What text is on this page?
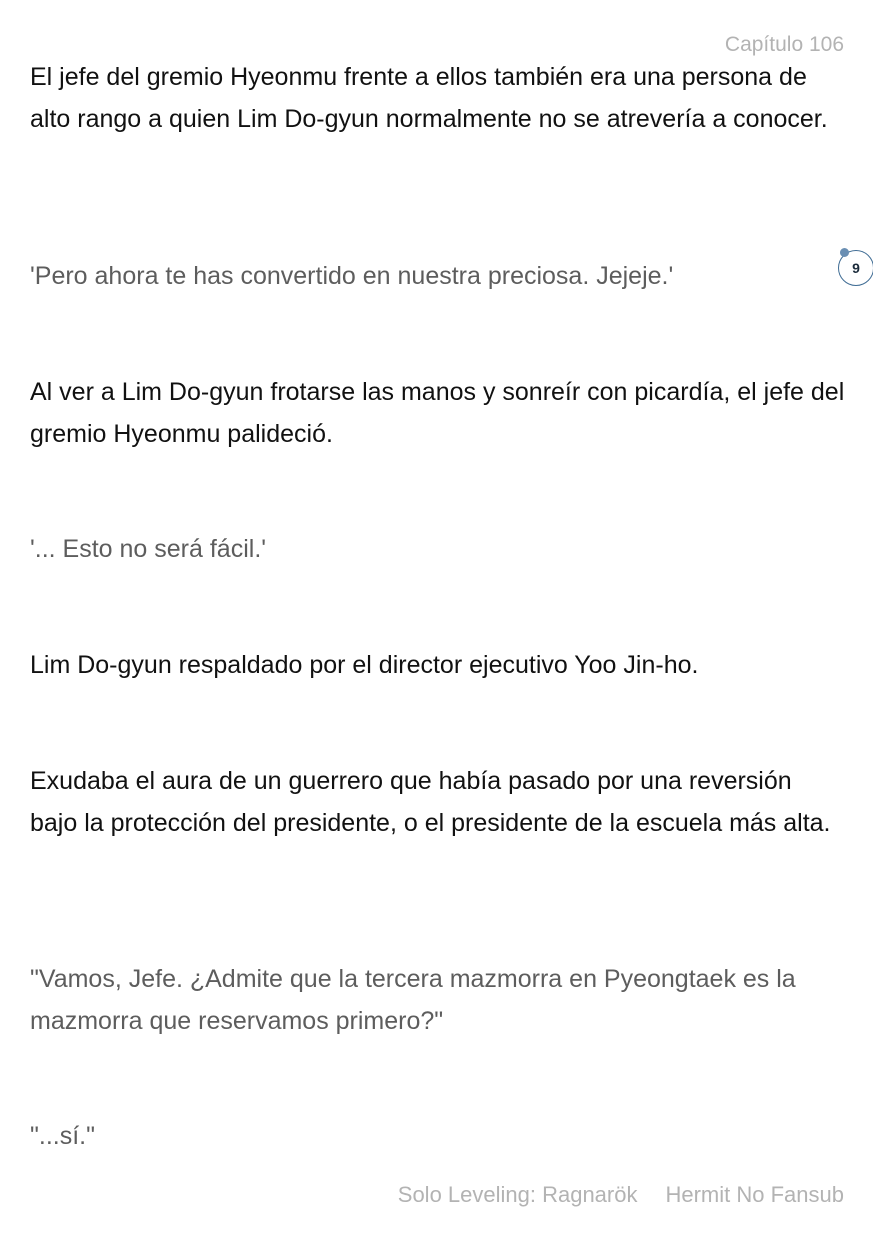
Capítulo 106

El jefe del gremio Hyeonmu frente a ellos también era una persona de alto rango a quien Lim Do-gyun normalmente no se atrevería a conocer.

'Pero ahora te has convertido en nuestra preciosa. Jejeje.'

Al ver a Lim Do-gyun frotarse las manos y sonreír con picardía, el jefe del gremio Hyeonmu palideció.

'... Esto no será fácil.'

Lim Do-gyun respaldado por el director ejecutivo Yoo Jin-ho.

Exudaba el aura de un guerrero que había pasado por una reversión bajo la protección del presidente, o el presidente de la escuela más alta.

"Vamos, Jefe. ¿Admite que la tercera mazmorra en Pyeongtaek es la mazmorra que reservamos primero?"

"...sí."

9
Solo Leveling: Ragnarök Hermit No Fansub
